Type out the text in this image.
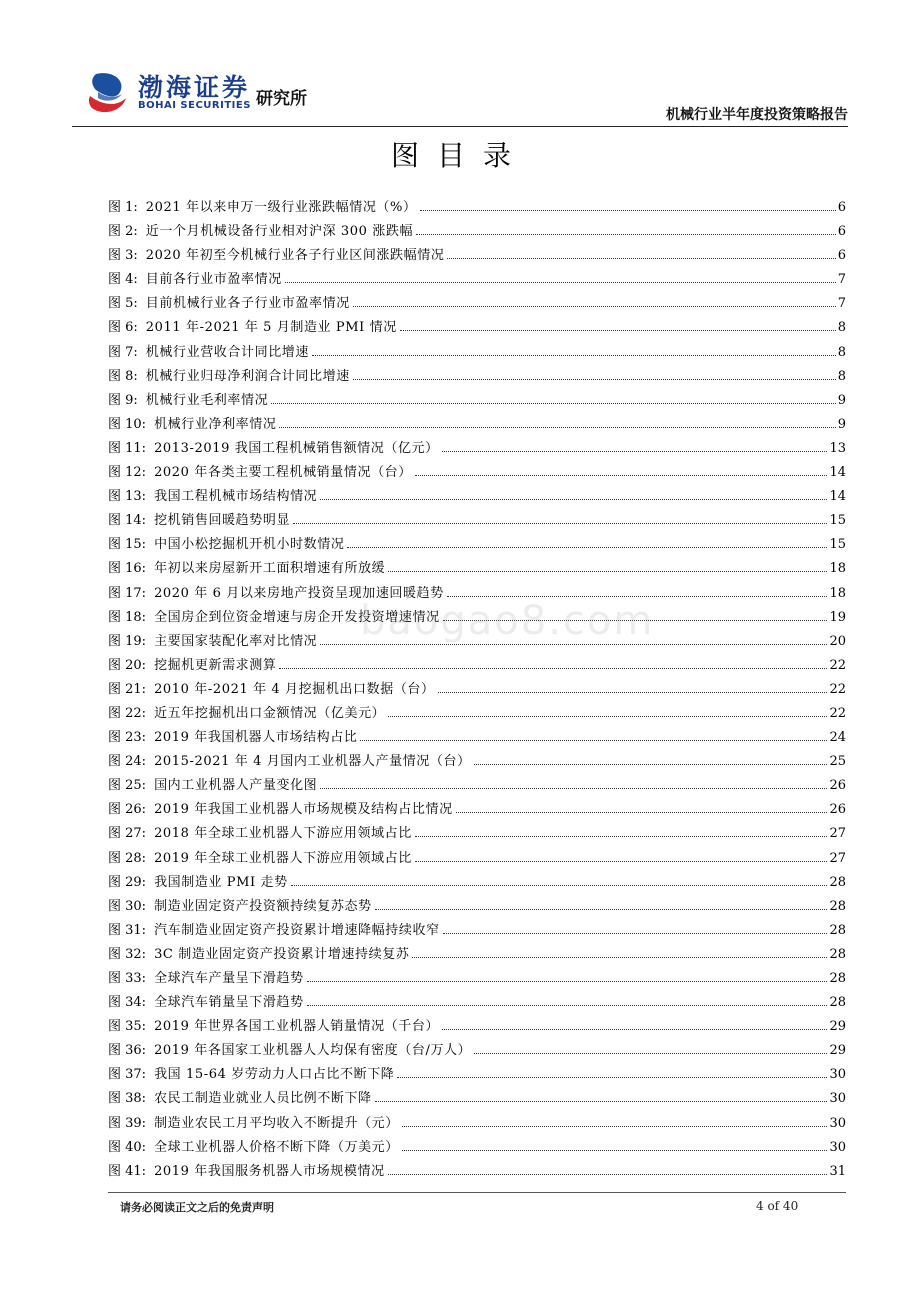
渤海证券
BOHAI SECURITIES 研究所
机械行业半年度投资策略报告
图目录
图 1: 2021 年以来申万一级行业涨跌幅情况（%）	6
图 2: 近一个月机械设备行业相对沪深 300 涨跌幅	6
图 3: 2020 年初至今机械行业各子行业区间涨跌幅情况	6
图 4: 目前各行业市盈率情况	7
图 5: 目前机械行业各子行业市盈率情况	7
图 6: 2011 年-2021 年 5 月制造业 PMI 情况	8
图 7: 机械行业营收合计同比增速	8
图 8: 机械行业归母净利润合计同比增速	8
图 9: 机械行业毛利率情况	9
图 10: 机械行业净利率情况	9
图 11: 2013-2019 我国工程机械销售额情况（亿元）	13
图 12: 2020 年各类主要工程机械销量情况（台）	14
图 13: 我国工程机械市场结构情况	14
图 14: 挖机销售回暖趋势明显	15
图 15: 中国小松挖掘机开机小时数情况	15
图 16: 年初以来房屋新开工面积增速有所放缓	18
图 17: 2020 年 6 月以来房地产投资呈现加速回暖趋势	18
图 18: 全国房企到位资金增速与房企开发投资增速情况	19
图 19: 主要国家装配化率对比情况	20
图 20: 挖掘机更新需求测算	22
图 21: 2010 年-2021 年 4 月挖掘机出口数据（台）	22
图 22: 近五年挖掘机出口金额情况（亿美元）	22
图 23: 2019 年我国机器人市场结构占比	24
图 24: 2015-2021 年 4 月国内工业机器人产量情况（台）	25
图 25: 国内工业机器人产量变化图	26
图 26: 2019 年我国工业机器人市场规模及结构占比情况	26
图 27: 2018 年全球工业机器人下游应用领域占比	27
图 28: 2019 年全球工业机器人下游应用领域占比	27
图 29: 我国制造业 PMI 走势	28
图 30: 制造业固定资产投资额持续复苏态势	28
图 31: 汽车制造业固定资产投资累计增速降幅持续收窄	28
图 32: 3C 制造业固定资产投资累计增速持续复苏	28
图 33: 全球汽车产量呈下滑趋势	28
图 34: 全球汽车销量呈下滑趋势	28
图 35: 2019 年世界各国工业机器人销量情况（千台）	29
图 36: 2019 年各国家工业机器人人均保有密度（台/万人）	29
图 37: 我国 15-64 岁劳动力人口占比不断下降	30
图 38: 农民工制造业就业人员比例不断下降	30
图 39: 制造业农民工月平均收入不断提升（元）	30
图 40: 全球工业机器人价格不断下降（万美元）	30
图 41: 2019 年我国服务机器人市场规模情况	31
baogao8.com
请务必阅读正文之后的免责声明	4 of 40
